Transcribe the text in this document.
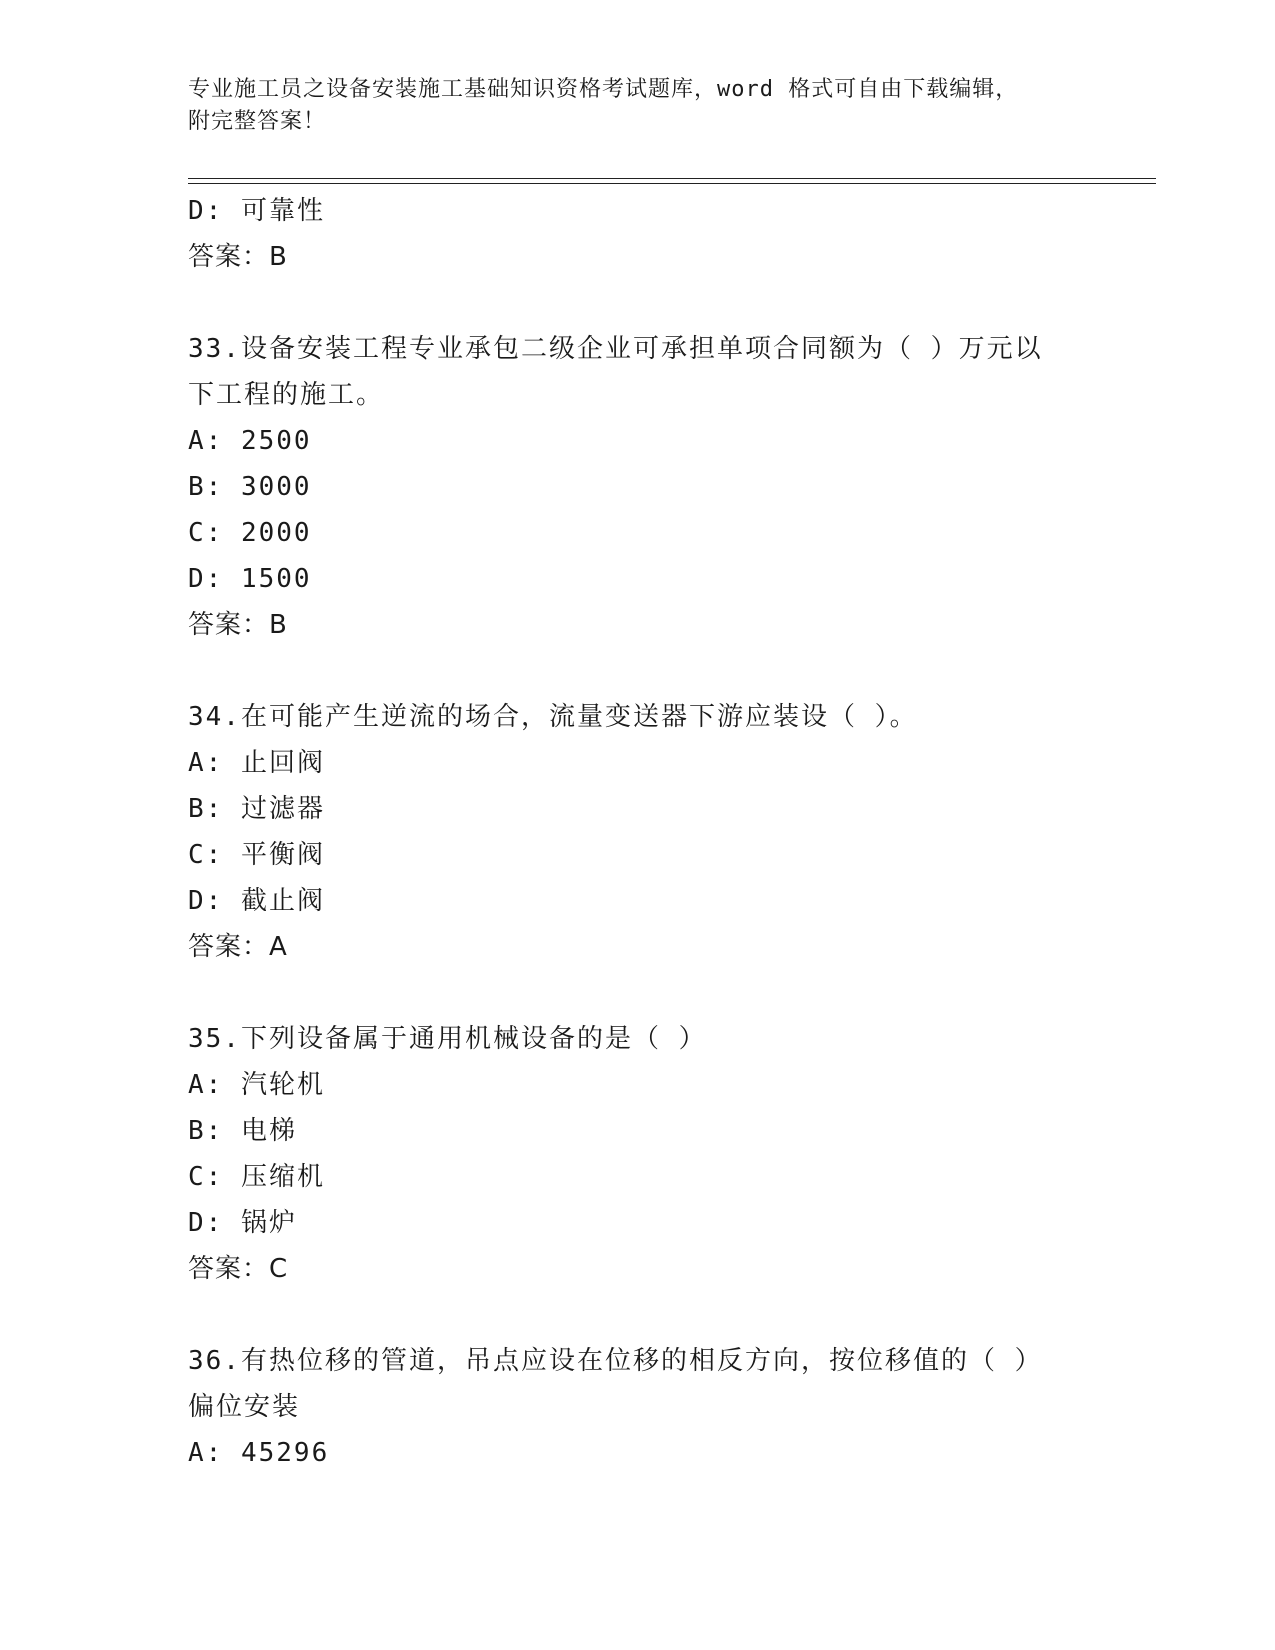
专业施工员之设备安装施工基础知识资格考试题库，word 格式可自由下载编辑，
附完整答案！
D: 可靠性
答案：B
33.设备安装工程专业承包二级企业可承担单项合同额为（ ）万元以
下工程的施工。
A: 2500
B: 3000
C: 2000
D: 1500
答案：B
34.在可能产生逆流的场合，流量变送器下游应装设（ ）。
A: 止回阀
B: 过滤器
C: 平衡阀
D: 截止阀
答案：A
35.下列设备属于通用机械设备的是（ ）
A: 汽轮机
B: 电梯
C: 压缩机
D: 锅炉
答案：C
36.有热位移的管道，吊点应设在位移的相反方向，按位移值的（ ）
偏位安装
A: 45296
